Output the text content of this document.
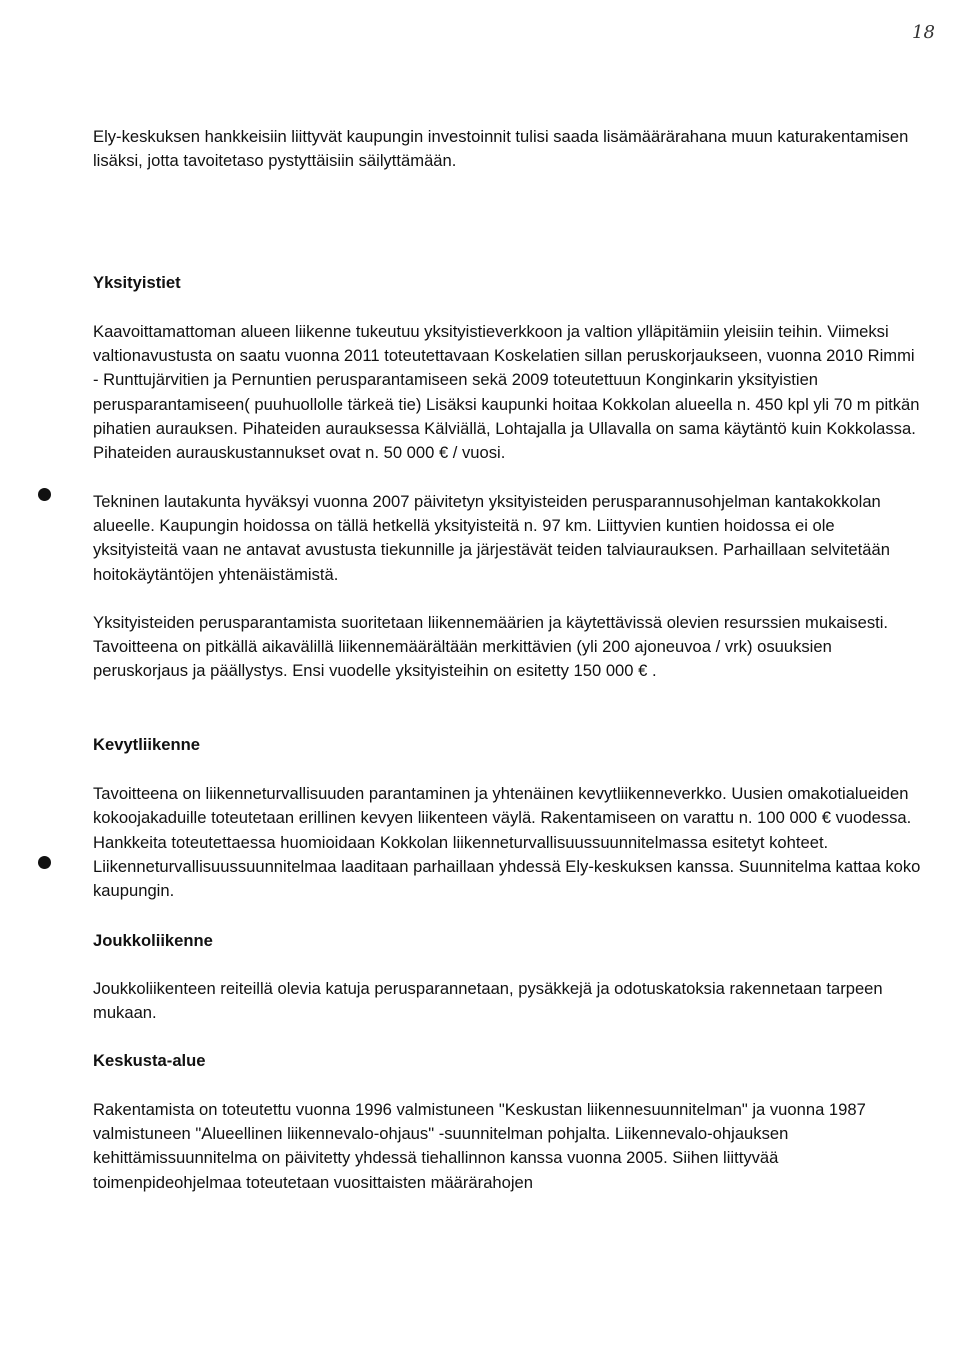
18

Ely-keskuksen hankkeisiin liittyvät kaupungin investoinnit tulisi saada lisämäärärahana muun katurakentamisen lisäksi, jotta tavoitetaso pystyttäisiin säilyttämään.

Yksityistiet

Kaavoittamattoman alueen liikenne tukeutuu yksityistieverkkoon ja valtion ylläpitämiin yleisiin teihin. Viimeksi valtionavustusta on saatu vuonna 2011 toteutettavaan Koskelatien sillan peruskorjaukseen, vuonna 2010 Rimmi - Runttujärvitien ja Pernuntien perusparantamiseen sekä 2009 toteutettuun Konginkarin yksityistien perusparantamiseen( puuhuollolle tärkeä tie) Lisäksi kaupunki hoitaa Kokkolan alueella n. 450 kpl yli 70 m pitkän pihatien aurauksen. Pihateiden aurauksessa Kälviällä, Lohtajalla ja Ullavalla on sama käytäntö kuin Kokkolassa. Pihateiden aurauskustannukset ovat n. 50 000 € / vuosi.

Tekninen lautakunta hyväksyi vuonna 2007 päivitetyn yksityisteiden perusparannusohjelman kantakokkolan alueelle. Kaupungin hoidossa on tällä hetkellä yksityisteitä n. 97 km. Liittyvien kuntien hoidossa ei ole yksityisteitä vaan ne antavat avustusta tiekunnille ja järjestävät teiden talviaurauksen. Parhaillaan selvitetään hoitokäytäntöjen yhtenäistämistä.

Yksityisteiden perusparantamista suoritetaan liikennemäärien ja käytettävissä olevien resurssien mukaisesti. Tavoitteena on pitkällä aikavälillä liikennemäärältään merkittävien (yli 200 ajoneuvoa / vrk) osuuksien peruskorjaus ja päällystys. Ensi vuodelle yksityisteihin on esitetty 150 000 € .

Kevytliikenne

Tavoitteena on liikenneturvallisuuden parantaminen ja yhtenäinen kevytliikenneverkko. Uusien omakotialueiden kokoojakaduille toteutetaan erillinen kevyen liikenteen väylä. Rakentamiseen on varattu n. 100 000 € vuodessa. Hankkeita toteutettaessa huomioidaan Kokkolan liikenneturvallisuussuunnitelmassa esitetyt kohteet. Liikenneturvallisuussuunnitelmaa laaditaan parhaillaan yhdessä Ely-keskuksen kanssa. Suunnitelma kattaa koko kaupungin.

Joukkoliikenne

Joukkoliikenteen reiteillä olevia katuja perusparannetaan, pysäkkejä ja odotuskatoksia rakennetaan tarpeen mukaan.

Keskusta-alue

Rakentamista on toteutettu vuonna 1996 valmistuneen "Keskustan liikennesuunnitelman" ja vuonna 1987 valmistuneen "Alueellinen liikennevalo-ohjaus" -suunnitelman pohjalta. Liikennevalo-ohjauksen kehittämissuunnitelma on päivitetty yhdessä tiehallinnon kanssa vuonna 2005. Siihen liittyvää toimenpideohjelmaa toteutetaan vuosittaisten määrärahojen
